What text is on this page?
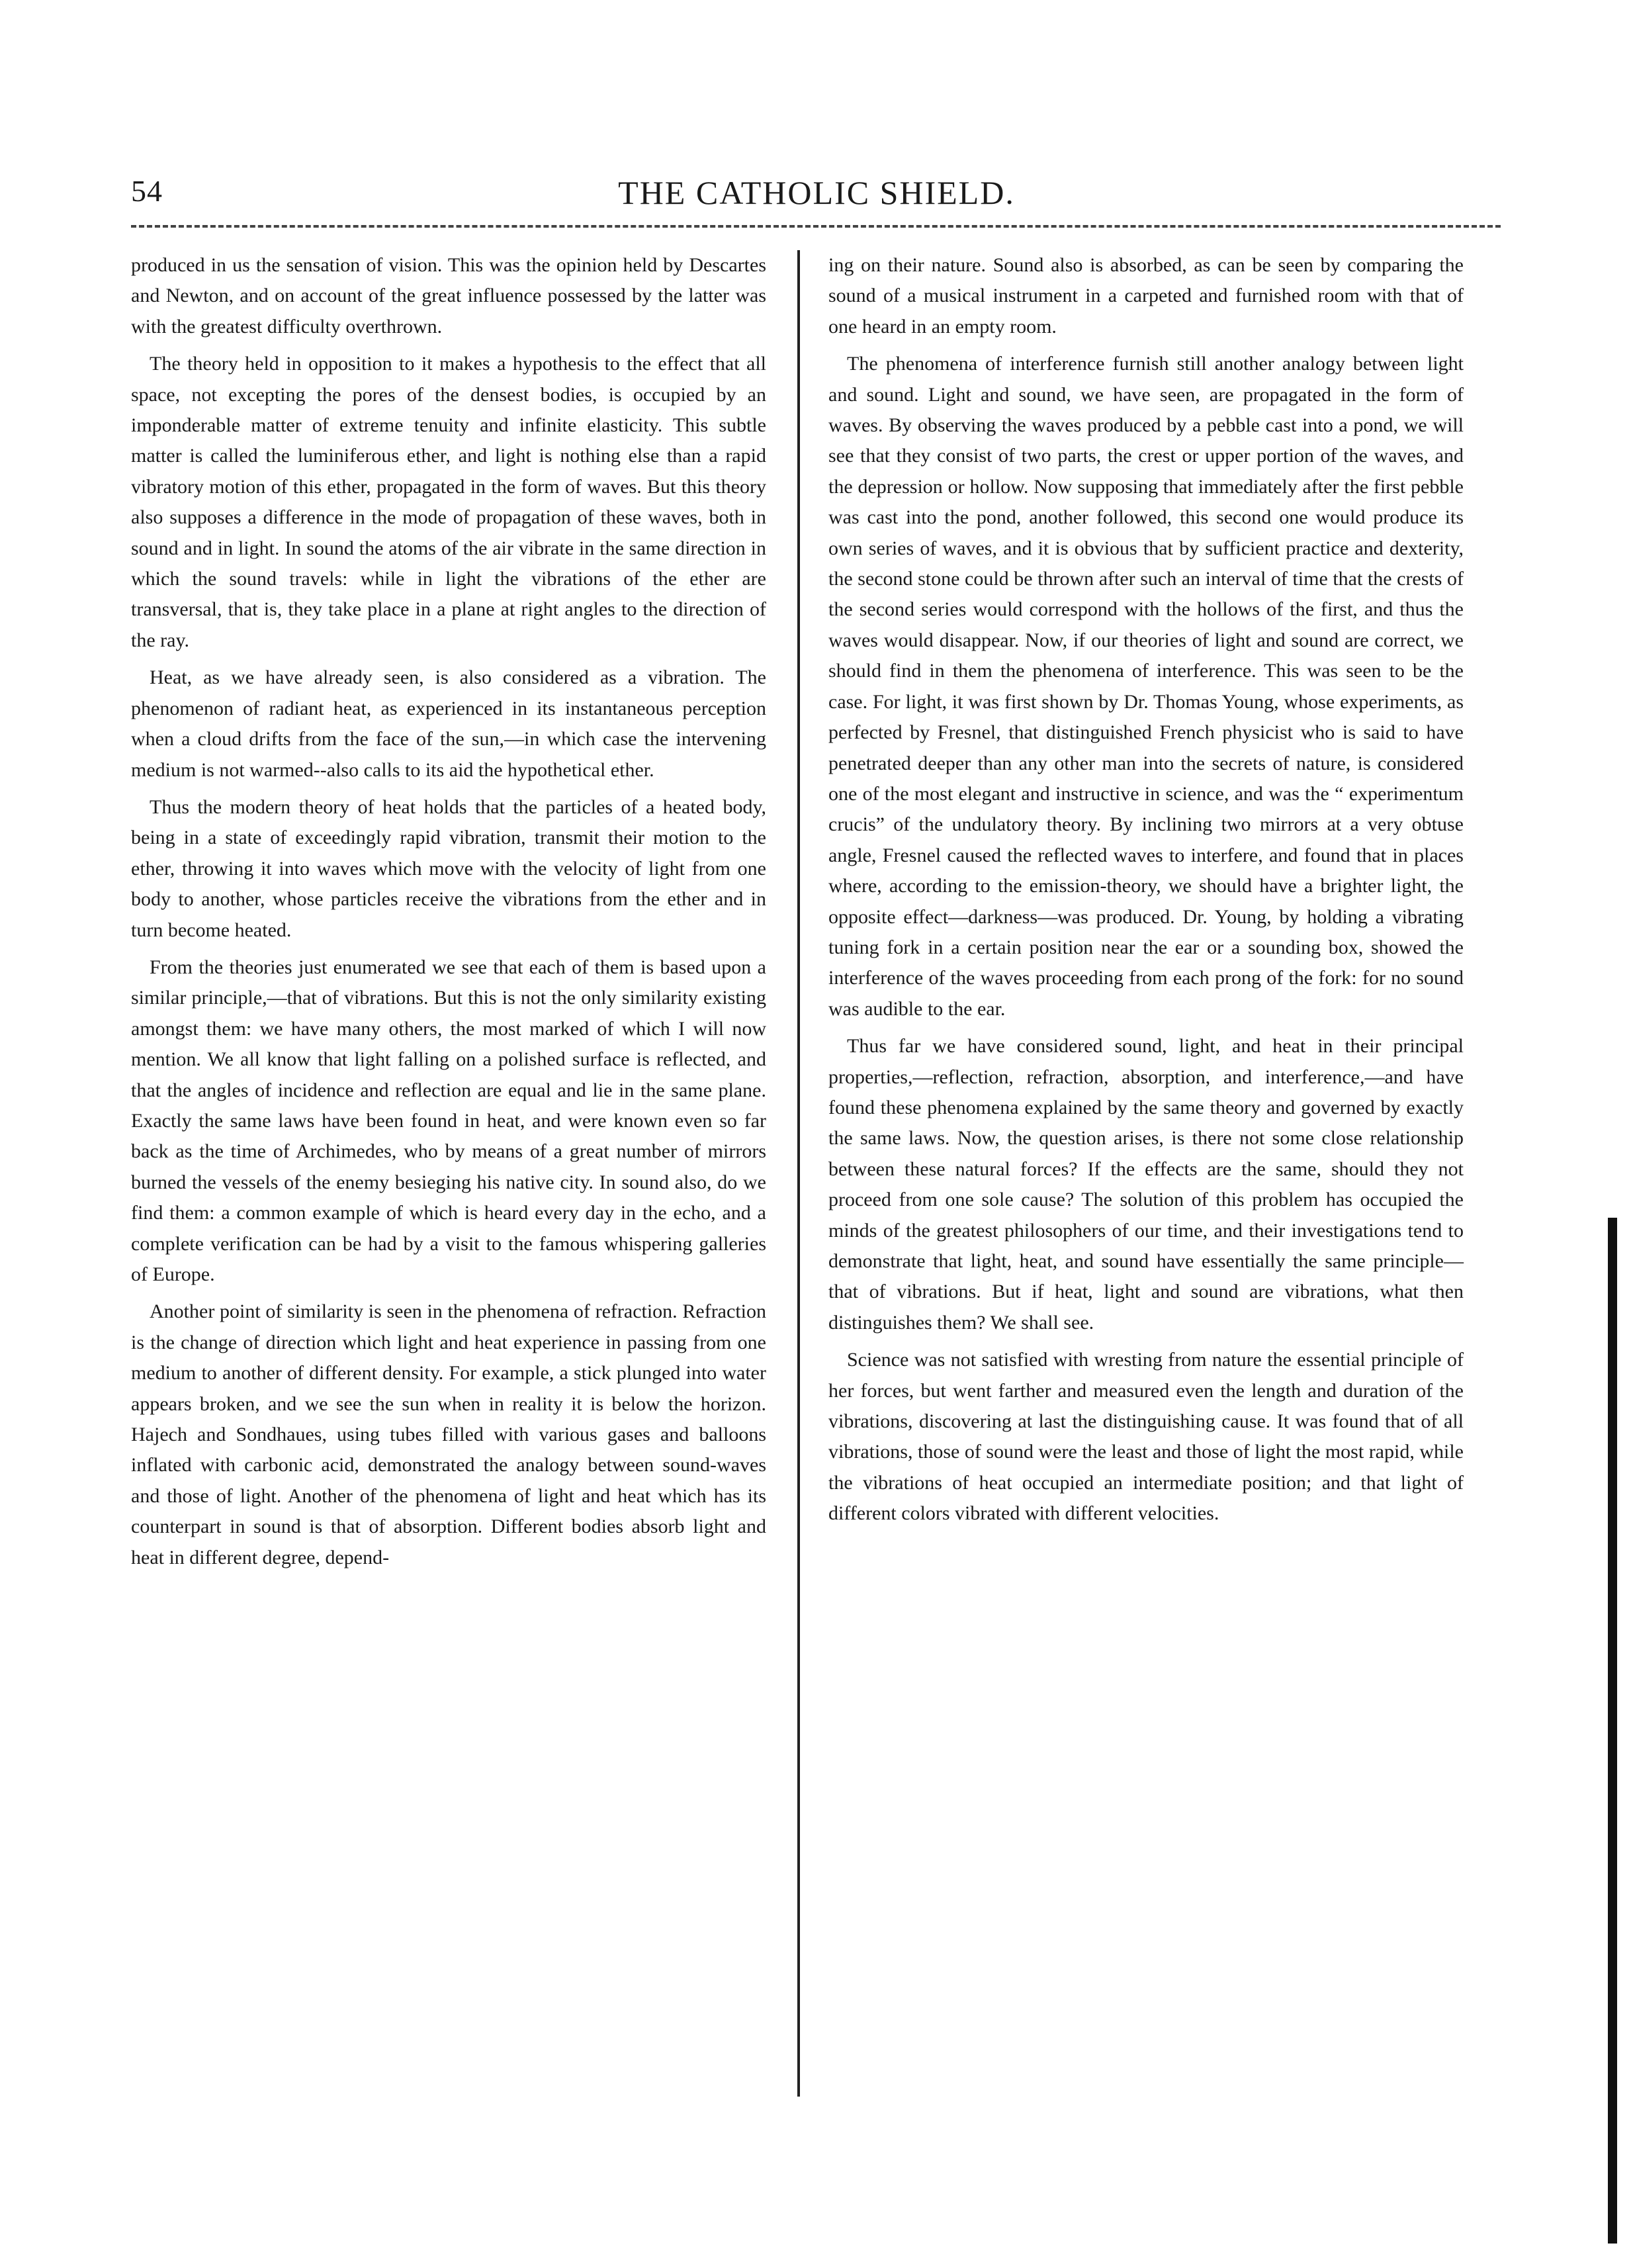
54	THE CATHOLIC SHIELD.

produced in us the sensation of vision. This was the opinion held by Descartes and Newton, and on account of the great influence possessed by the latter was with the greatest difficulty overthrown.

The theory held in opposition to it makes a hypothesis to the effect that all space, not excepting the pores of the densest bodies, is occupied by an imponderable matter of extreme tenuity and infinite elasticity. This subtle matter is called the luminiferous ether, and light is nothing else than a rapid vibratory motion of this ether, propagated in the form of waves. But this theory also supposes a difference in the mode of propagation of these waves, both in sound and in light. In sound the atoms of the air vibrate in the same direction in which the sound travels: while in light the vibrations of the ether are transversal, that is, they take place in a plane at right angles to the direction of the ray.

Heat, as we have already seen, is also considered as a vibration. The phenomenon of radiant heat, as experienced in its instantaneous perception when a cloud drifts from the face of the sun,—in which case the intervening medium is not warmed--also calls to its aid the hypothetical ether.

Thus the modern theory of heat holds that the particles of a heated body, being in a state of exceedingly rapid vibration, transmit their motion to the ether, throwing it into waves which move with the velocity of light from one body to another, whose particles receive the vibrations from the ether and in turn become heated.

From the theories just enumerated we see that each of them is based upon a similar principle,—that of vibrations. But this is not the only similarity existing amongst them: we have many others, the most marked of which I will now mention. We all know that light falling on a polished surface is reflected, and that the angles of incidence and reflection are equal and lie in the same plane. Exactly the same laws have been found in heat, and were known even so far back as the time of Archimedes, who by means of a great number of mirrors burned the vessels of the enemy besieging his native city. In sound also, do we find them: a common example of which is heard every day in the echo, and a complete verification can be had by a visit to the famous whispering galleries of Europe.

Another point of similarity is seen in the phenomena of refraction. Refraction is the change of direction which light and heat experience in passing from one medium to another of different density. For example, a stick plunged into water appears broken, and we see the sun when in reality it is below the horizon. Hajech and Sondhaues, using tubes filled with various gases and balloons inflated with carbonic acid, demonstrated the analogy between sound-waves and those of light. Another of the phenomena of light and heat which has its counterpart in sound is that of absorption. Different bodies absorb light and heat in different degree, depend-

ing on their nature. Sound also is absorbed, as can be seen by comparing the sound of a musical instrument in a carpeted and furnished room with that of one heard in an empty room.

The phenomena of interference furnish still another analogy between light and sound. Light and sound, we have seen, are propagated in the form of waves. By observing the waves produced by a pebble cast into a pond, we will see that they consist of two parts, the crest or upper portion of the waves, and the depression or hollow. Now supposing that immediately after the first pebble was cast into the pond, another followed, this second one would produce its own series of waves, and it is obvious that by sufficient practice and dexterity, the second stone could be thrown after such an interval of time that the crests of the second series would correspond with the hollows of the first, and thus the waves would disappear. Now, if our theories of light and sound are correct, we should find in them the phenomena of interference. This was seen to be the case. For light, it was first shown by Dr. Thomas Young, whose experiments, as perfected by Fresnel, that distinguished French physicist who is said to have penetrated deeper than any other man into the secrets of nature, is considered one of the most elegant and instructive in science, and was the “ experimentum crucis” of the undulatory theory. By inclining two mirrors at a very obtuse angle, Fresnel caused the reflected waves to interfere, and found that in places where, according to the emission-theory, we should have a brighter light, the opposite effect—darkness—was produced. Dr. Young, by holding a vibrating tuning fork in a certain position near the ear or a sounding box, showed the interference of the waves proceeding from each prong of the fork: for no sound was audible to the ear.

Thus far we have considered sound, light, and heat in their principal properties,—reflection, refraction, absorption, and interference,—and have found these phenomena explained by the same theory and governed by exactly the same laws. Now, the question arises, is there not some close relationship between these natural forces? If the effects are the same, should they not proceed from one sole cause? The solution of this problem has occupied the minds of the greatest philosophers of our time, and their investigations tend to demonstrate that light, heat, and sound have essentially the same principle—that of vibrations. But if heat, light and sound are vibrations, what then distinguishes them? We shall see.

Science was not satisfied with wresting from nature the essential principle of her forces, but went farther and measured even the length and duration of the vibrations, discovering at last the distinguishing cause. It was found that of all vibrations, those of sound were the least and those of light the most rapid, while the vibrations of heat occupied an intermediate position; and that light of different colors vibrated with different velocities.
